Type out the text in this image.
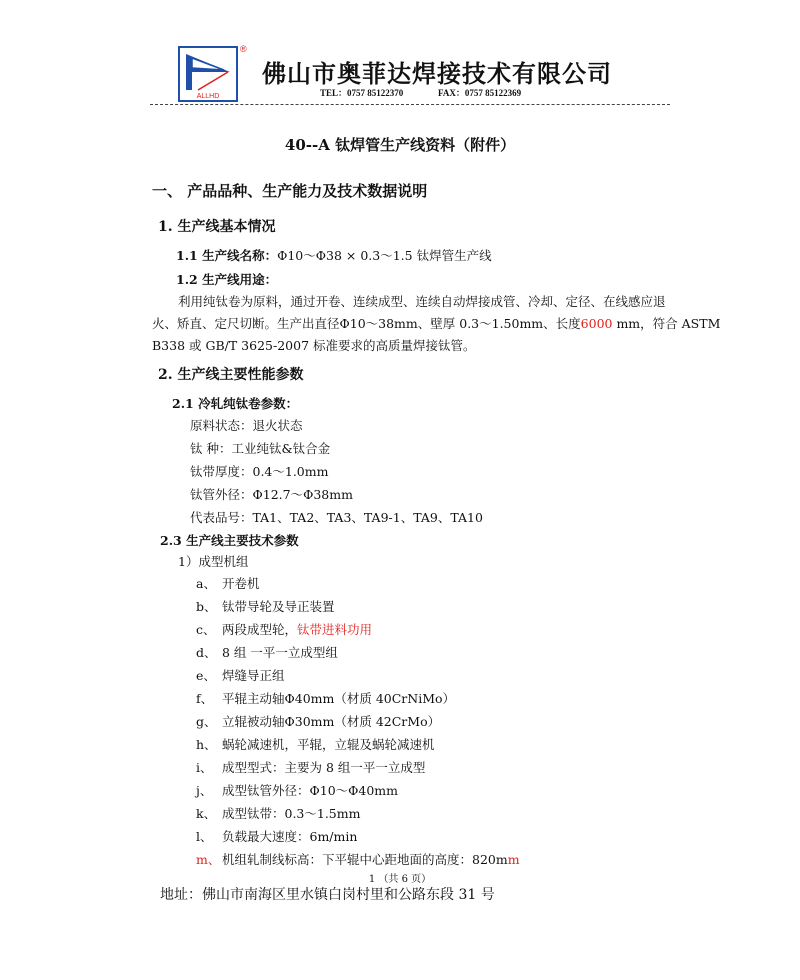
ALLHD
®
佛山市奥菲达焊接技术有限公司
TEL：0757 85122370	FAX：0757 85122369
40--A 钛焊管生产线资料（附件）
一、 产品品种、生产能力及技术数据说明
1. 生产线基本情况
1.1 生产线名称：Φ10～Φ38 × 0.3～1.5 钛焊管生产线
1.2 生产线用途：
利用纯钛卷为原料，通过开卷、连续成型、连续自动焊接成管、冷却、定径、在线感应退
火、矫直、定尺切断。生产出直径Φ10～38mm、壁厚 0.3～1.50mm、长度6000 mm，符合 ASTM
B338 或 GB/T 3625-2007 标准要求的高质量焊接钛管。
2. 生产线主要性能参数
2.1 冷轧纯钛卷参数：
原料状态：退火状态
钛 种：工业纯钛&钛合金
钛带厚度：0.4～1.0mm
钛管外径：Φ12.7～Φ38mm
代表品号：TA1、TA2、TA3、TA9-1、TA9、TA10
2.3 生产线主要技术参数
1）成型机组
a、 开卷机
b、 钛带导轮及导正装置
c、 两段成型轮，钛带进料功用
d、 8 组 一平一立成型组
e、 焊缝导正组
f、 平辊主动轴Φ40mm（材质 40CrNiMo）
g、 立辊被动轴Φ30mm（材质 42CrMo）
h、 蜗轮减速机，平辊，立辊及蜗轮减速机
i、 成型型式：主要为 8 组一平一立成型
j、 成型钛管外径：Φ10～Φ40mm
k、 成型钛带：0.3～1.5mm
l、 负载最大速度：6m/min
m、 机组轧制线标高：下平辊中心距地面的高度：820mm
1 （共 6 页）
地址：佛山市南海区里水镇白岗村里和公路东段 31 号
